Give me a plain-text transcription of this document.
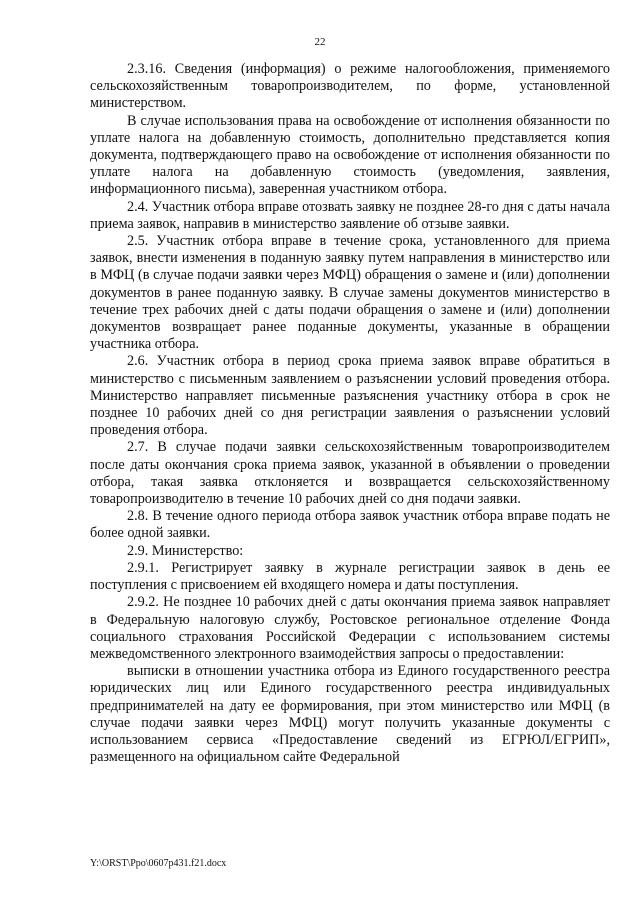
22

2.3.16. Сведения (информация) о режиме налогообложения, применяемого сельскохозяйственным товаропроизводителем, по форме, установленной министерством.

В случае использования права на освобождение от исполнения обязанности по уплате налога на добавленную стоимость, дополнительно представляется копия документа, подтверждающего право на освобождение от исполнения обязанности по уплате налога на добавленную стоимость (уведомления, заявления, информационного письма), заверенная участником отбора.

2.4. Участник отбора вправе отозвать заявку не позднее 28-го дня с даты начала приема заявок, направив в министерство заявление об отзыве заявки.

2.5. Участник отбора вправе в течение срока, установленного для приема заявок, внести изменения в поданную заявку путем направления в министерство или в МФЦ (в случае подачи заявки через МФЦ) обращения о замене и (или) дополнении документов в ранее поданную заявку. В случае замены документов министерство в течение трех рабочих дней с даты подачи обращения о замене и (или) дополнении документов возвращает ранее поданные документы, указанные в обращении участника отбора.

2.6. Участник отбора в период срока приема заявок вправе обратиться в министерство с письменным заявлением о разъяснении условий проведения отбора. Министерство направляет письменные разъяснения участнику отбора в срок не позднее 10 рабочих дней со дня регистрации заявления о разъяснении условий проведения отбора.

2.7. В случае подачи заявки сельскохозяйственным товаропроизводителем после даты окончания срока приема заявок, указанной в объявлении о проведении отбора, такая заявка отклоняется и возвращается сельскохозяйственному товаропроизводителю в течение 10 рабочих дней со дня подачи заявки.

2.8. В течение одного периода отбора заявок участник отбора вправе подать не более одной заявки.

2.9. Министерство:

2.9.1. Регистрирует заявку в журнале регистрации заявок в день ее поступления с присвоением ей входящего номера и даты поступления.

2.9.2. Не позднее 10 рабочих дней с даты окончания приема заявок направляет в Федеральную налоговую службу, Ростовское региональное отделение Фонда социального страхования Российской Федерации с использованием системы межведомственного электронного взаимодействия запросы о предоставлении:

выписки в отношении участника отбора из Единого государственного реестра юридических лиц или Единого государственного реестра индивидуальных предпринимателей на дату ее формирования, при этом министерство или МФЦ (в случае подачи заявки через МФЦ) могут получить указанные документы с использованием сервиса «Предоставление сведений из ЕГРЮЛ/ЕГРИП», размещенного на официальном сайте Федеральной

Y:\ORST\Ppo\0607p431.f21.docx
